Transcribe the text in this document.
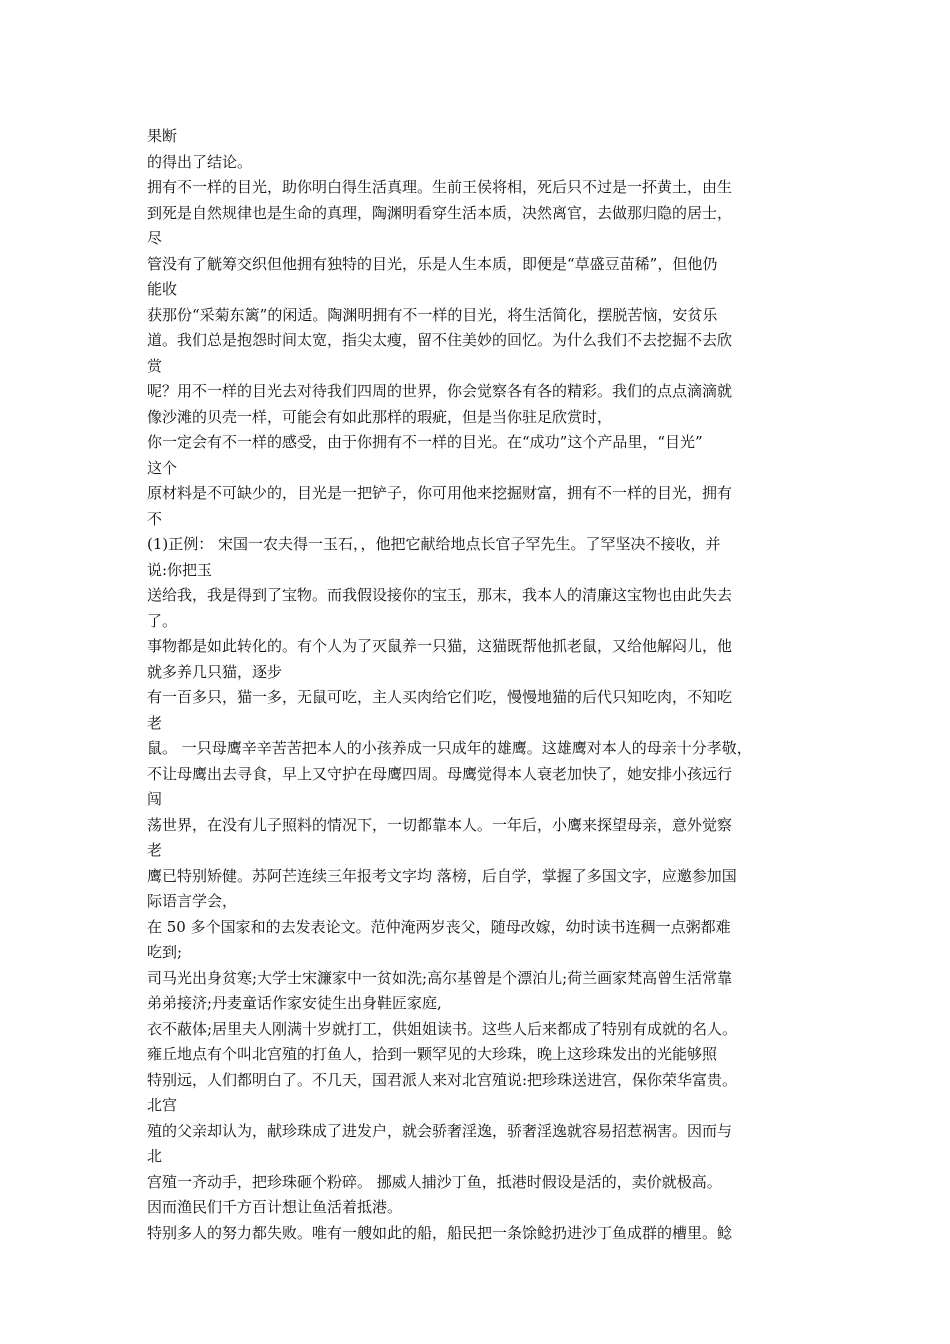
果断
的得出了结论。
拥有不一样的目光，助你明白得生活真理。生前王侯将相，死后只不过是一抔黄土，由生
到死是自然规律也是生命的真理，陶渊明看穿生活本质，决然离官，去做那归隐的居士，
尽
管没有了觥筹交织但他拥有独特的目光，乐是人生本质，即便是“草盛豆苗稀”，但他仍
能收
获那份“采菊东篱”的闲适。陶渊明拥有不一样的目光，将生活简化，摆脱苦恼，安贫乐
道。我们总是抱怨时间太宽，指尖太瘦，留不住美妙的回忆。为什么我们不去挖掘不去欣
赏
呢？用不一样的目光去对待我们四周的世界，你会觉察各有各的精彩。我们的点点滴滴就
像沙滩的贝壳一样，可能会有如此那样的瑕疵，但是当你驻足欣赏时，
你一定会有不一样的感受，由于你拥有不一样的目光。在“成功”这个产品里，“目光”
这个
原材料是不可缺少的，目光是一把铲子，你可用他来挖掘财富，拥有不一样的目光，拥有
不
(1)正例： 宋国一农夫得一玉石，，他把它献给地点长官子罕先生。了罕坚决不接收，并
说:你把玉
送给我，我是得到了宝物。而我假设接你的宝玉，那末，我本人的清廉这宝物也由此失去
了。
事物都是如此转化的。有个人为了灭鼠养一只猫，这猫既帮他抓老鼠，又给他解闷儿，他
就多养几只猫，逐步
有一百多只，猫一多，无鼠可吃，主人买肉给它们吃，慢慢地猫的后代只知吃肉，不知吃
老
鼠。 一只母鹰辛辛苦苦把本人的小孩养成一只成年的雄鹰。这雄鹰对本人的母亲十分孝敬，
不让母鹰出去寻食，早上又守护在母鹰四周。母鹰觉得本人衰老加快了，她安排小孩远行
闯
荡世界，在没有儿子照料的情况下，一切都靠本人。一年后，小鹰来探望母亲，意外觉察
老
鹰已特别矫健。苏阿芒连续三年报考文字均 落榜，后自学，掌握了多国文字，应邀参加国
际语言学会，
在 50 多个国家和的去发表论文。范仲淹两岁丧父，随母改嫁，幼时读书连稠一点粥都难
吃到;
司马光出身贫寒;大学士宋濂家中一贫如洗;高尔基曾是个漂泊儿;荷兰画家梵高曾生活常靠
弟弟接济;丹麦童话作家安徒生出身鞋匠家庭,
衣不蔽体;居里夫人刚满十岁就打工，供姐姐读书。这些人后来都成了特别有成就的名人。
雍丘地点有个叫北宫殖的打鱼人，拾到一颗罕见的大珍珠，晚上这珍珠发出的光能够照
特别远，人们都明白了。不几天，国君派人来对北宫殖说:把珍珠送进宫，保你荣华富贵。
北宫
殖的父亲却认为，献珍珠成了进发户，就会骄奢淫逸，骄奢淫逸就容易招惹祸害。因而与
北
宫殖一齐动手，把珍珠砸个粉碎。 挪威人捕沙丁鱼，抵港时假设是活的，卖价就极高。
因而渔民们千方百计想让鱼活着抵港。
特别多人的努力都失败。唯有一艘如此的船，船民把一条馀鲶扔进沙丁鱼成群的槽里。鲶
